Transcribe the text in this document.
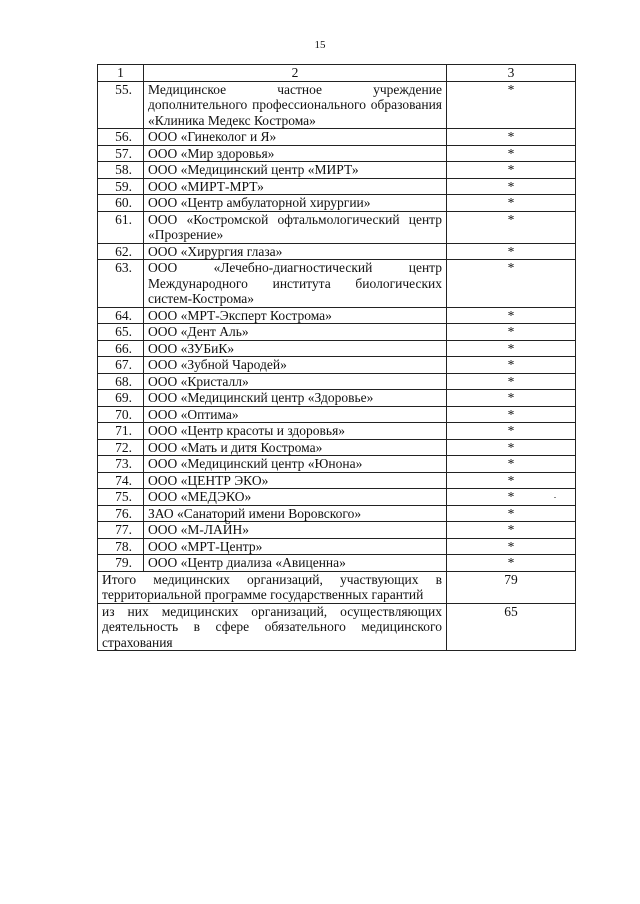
15
1	2	3
55.	Медицинское частное учреждение дополнительного профессионального образования «Клиника Медекс Кострома»	*
56.	ООО «Гинеколог и Я»	*
57.	ООО «Мир здоровья»	*
58.	ООО «Медицинский центр «МИРТ»	*
59.	ООО «МИРТ-МРТ»	*
60.	ООО «Центр амбулаторной хирургии»	*
61.	ООО «Костромской офтальмологический центр «Прозрение»	*
62.	ООО «Хирургия глаза»	*
63.	ООО «Лечебно-диагностический центр Международного института биологических систем-Кострома»	*
64.	ООО «МРТ-Эксперт Кострома»	*
65.	ООО «Дент Аль»	*
66.	ООО «ЗУБиК»	*
67.	ООО «Зубной Чародей»	*
68.	ООО «Кристалл»	*
69.	ООО «Медицинский центр «Здоровье»	*
70.	ООО «Оптима»	*
71.	ООО «Центр красоты и здоровья»	*
72.	ООО «Мать и дитя Кострома»	*
73.	ООО «Медицинский центр «Юнона»	*
74.	ООО «ЦЕНТР ЭКО»	*
75.	ООО «МЕДЭКО»	*
76.	ЗАО «Санаторий имени Воровского»	*
77.	ООО «М-ЛАЙН»	*
78.	ООО «МРТ-Центр»	*
79.	ООО «Центр диализа «Авиценна»	*
Итого медицинских организаций, участвующих в территориальной программе государственных гарантий		79
из них медицинских организаций, осуществляющих деятельность в сфере обязательного медицинского страхования		65
